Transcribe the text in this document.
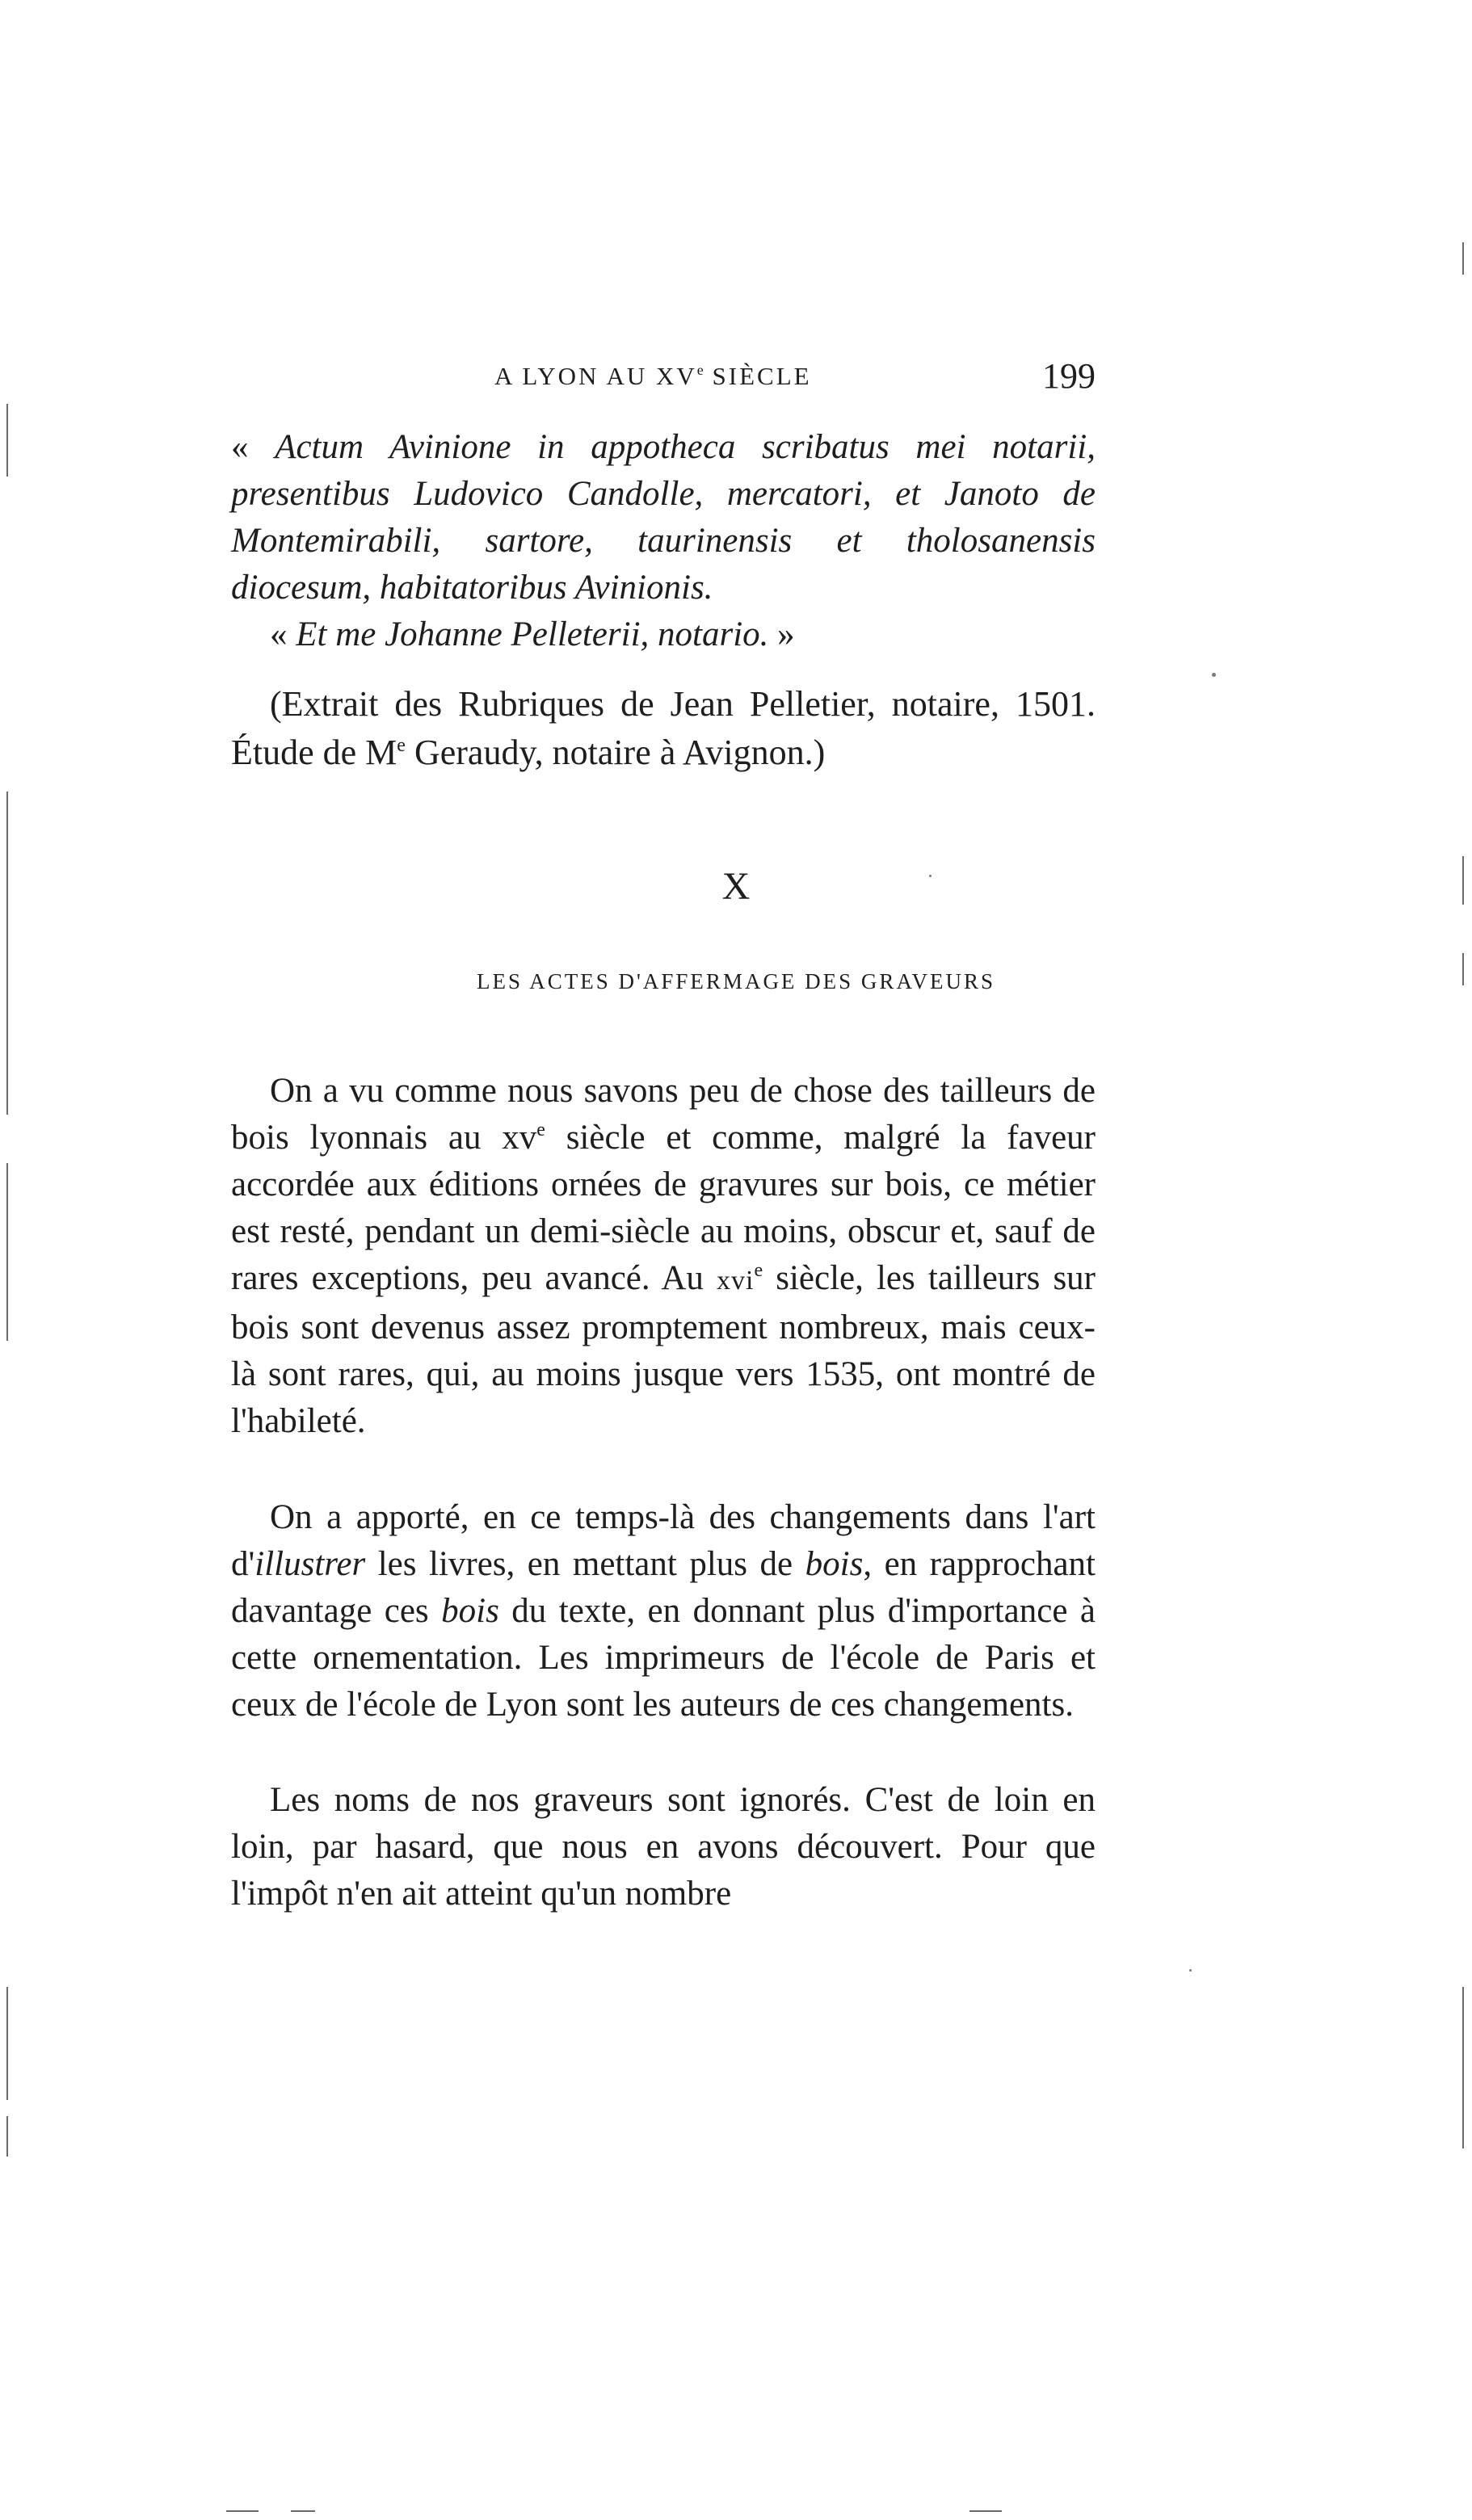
A LYON AU XVe SIÈCLE	199
« Actum Avinione in appotheca scribatus mei notarii, presentibus Ludovico Candolle, mercatori, et Janoto de Montemirabili, sartore, taurinensis et tholosanensis diocesum, habitatoribus Avinionis.
« Et me Johanne Pelleterii, notario. »
(Extrait des Rubriques de Jean Pelletier, notaire, 1501. Étude de Me Geraudy, notaire à Avignon.)
X
LES ACTES D'AFFERMAGE DES GRAVEURS
On a vu comme nous savons peu de chose des tailleurs de bois lyonnais au $xv^e$ siècle et comme, malgré la faveur accordée aux éditions ornées de gravures sur bois, ce métier est resté, pendant un demi-siècle au moins, obscur et, sauf de rares exceptions, peu avancé. Au xvi$^e$ siècle, les tailleurs sur bois sont devenus assez promptement nombreux, mais ceux-là sont rares, qui, au moins jusque vers 1535, ont montré de l'habileté.
On a apporté, en ce temps-là des changements dans l'art d'illustrer les livres, en mettant plus de bois, en rapprochant davantage ces bois du texte, en donnant plus d'importance à cette ornementation. Les imprimeurs de l'école de Paris et ceux de l'école de Lyon sont les auteurs de ces changements.
Les noms de nos graveurs sont ignorés. C'est de loin en loin, par hasard, que nous en avons découvert. Pour que l'impôt n'en ait atteint qu'un nombre
